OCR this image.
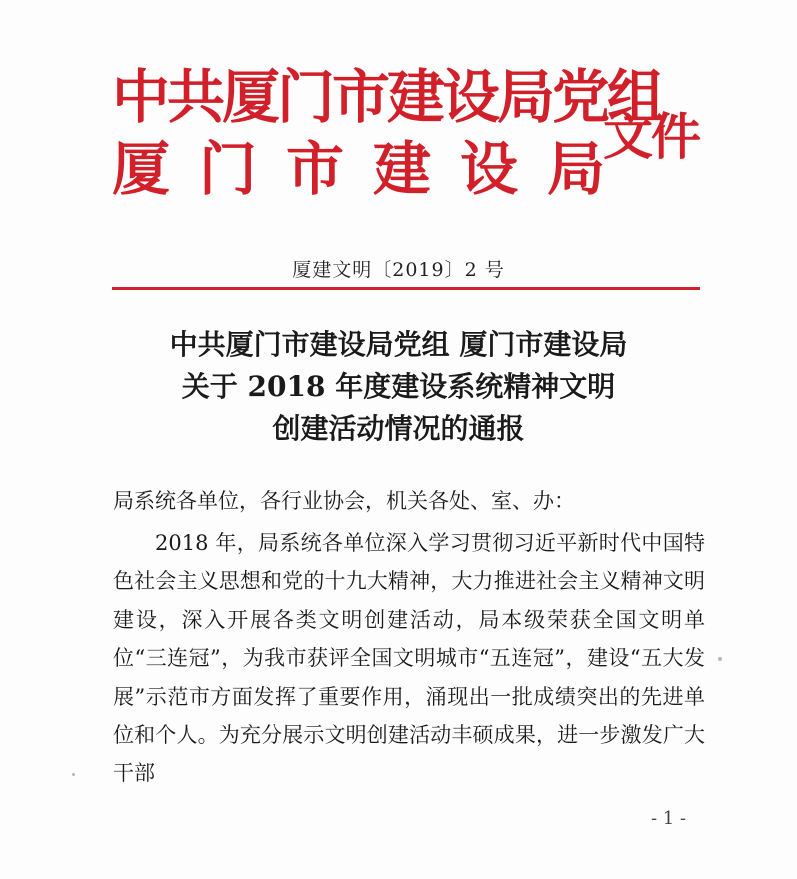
中共厦门市建设局党组
厦门市建设局
文件
厦建文明〔2019〕2 号
中共厦门市建设局党组 厦门市建设局
关于 2018 年度建设系统精神文明
创建活动情况的通报
局系统各单位，各行业协会，机关各处、室、办：

2018 年，局系统各单位深入学习贯彻习近平新时代中国特色社会主义思想和党的十九大精神，大力推进社会主义精神文明建设，深入开展各类文明创建活动，局本级荣获全国文明单位“三连冠”，为我市获评全国文明城市“五连冠”，建设“五大发展”示范市方面发挥了重要作用，涌现出一批成绩突出的先进单位和个人。为充分展示文明创建活动丰硕成果，进一步激发广大干部

- 1 -
